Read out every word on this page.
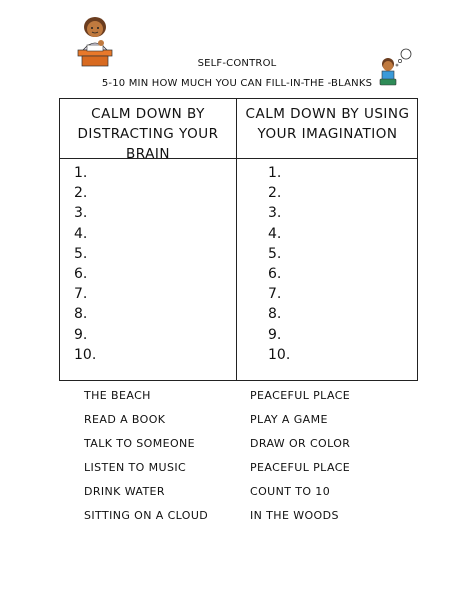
SELF-CONTROL
5-10 MIN HOW MUCH YOU CAN FILL-IN-THE -BLANKS
CALM DOWN BY
DISTRACTING YOUR
BRAIN
CALM DOWN BY USING
YOUR IMAGINATION
1.
2.
3.
4.
5.
6.
7.
8.
9.
10.
1.
2.
3.
4.
5.
6.
7.
8.
9.
10.
THE BEACH
READ A BOOK
TALK TO SOMEONE
LISTEN TO MUSIC
DRINK WATER
SITTING ON A CLOUD
PEACEFUL PLACE
PLAY A GAME
DRAW OR COLOR
PEACEFUL PLACE
COUNT TO 10
IN THE WOODS
